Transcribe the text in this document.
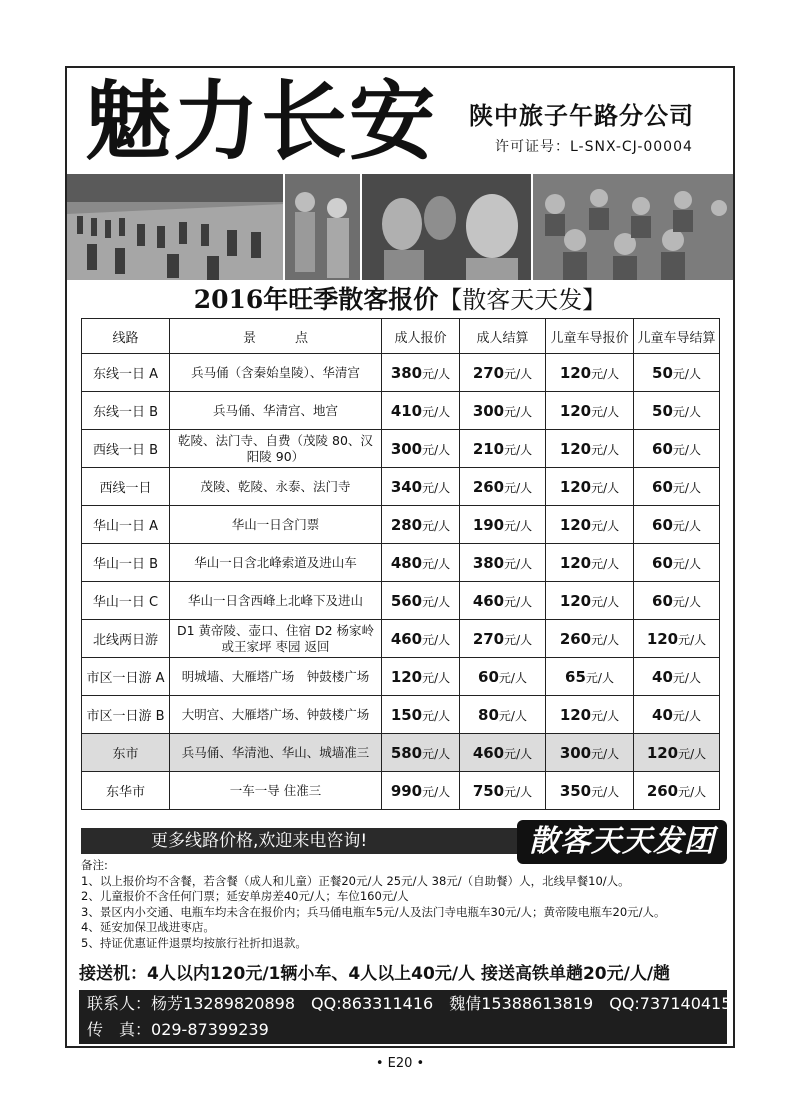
魅力长安 陕中旅子午路分公司
许可证号：L-SNX-CJ-00004
2016年旺季散客报价【散客天天发】
线路	景　　　点	成人报价	成人结算	儿童车导报价	儿童车导结算
东线一日 A	兵马俑（含秦始皇陵）、华清宫	380元/人	270元/人	120元/人	50元/人
东线一日 B	兵马俑、华清宫、地宫	410元/人	300元/人	120元/人	50元/人
西线一日 B	乾陵、法门寺、自费（茂陵 80、汉阳陵 90）	300元/人	210元/人	120元/人	60元/人
西线一日	茂陵、乾陵、永泰、法门寺	340元/人	260元/人	120元/人	60元/人
华山一日 A	华山一日含门票	280元/人	190元/人	120元/人	60元/人
华山一日 B	华山一日含北峰索道及进山车	480元/人	380元/人	120元/人	60元/人
华山一日 C	华山一日含西峰上北峰下及进山	560元/人	460元/人	120元/人	60元/人
北线两日游	D1 黄帝陵、壶口、住宿 D2 杨家岭或王家坪 枣园 返回	460元/人	270元/人	260元/人	120元/人
市区一日游 A	明城墙、大雁塔广场　钟鼓楼广场	120元/人	60元/人	65元/人	40元/人
市区一日游 B	大明宫、大雁塔广场、钟鼓楼广场	150元/人	80元/人	120元/人	40元/人
东市	兵马俑、华清池、华山、城墙准三	580元/人	460元/人	300元/人	120元/人
东华市	一车一导 住准三	990元/人	750元/人	350元/人	260元/人
更多线路价格,欢迎来电咨询!	散客天天发团
备注:
1、以上报价均不含餐，若含餐（成人和儿童）正餐20元/人 25元/人 38元/（自助餐）人，北线早餐10/人。
2、儿童报价不含任何门票；延安单房差40元/人；车位160元/人
3、景区内小交通、电瓶车均未含在报价内；兵马俑电瓶车5元/人及法门寺电瓶车30元/人；黄帝陵电瓶车20元/人。
4、延安加保卫战进枣店。
5、持证优惠证件退票均按旅行社折扣退款。
接送机：4人以内120元/1辆小车、4人以上40元/人 接送高铁单趟20元/人/趟
联系人：杨芳13289820898 QQ:863311416 魏倩15388613819 QQ:737140415
传　真：029-87399239
• E20 •
